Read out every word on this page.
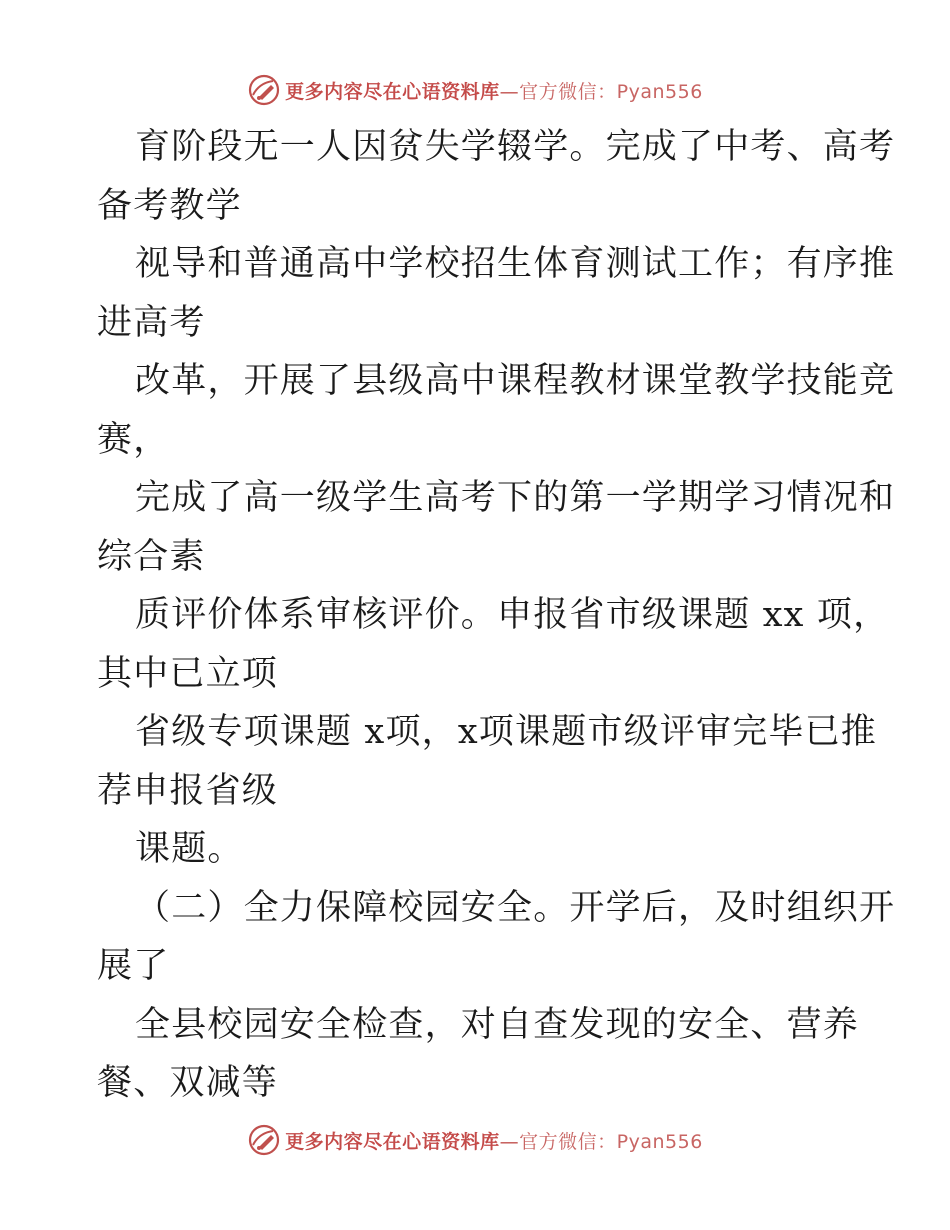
更多内容尽在心语资料库—官方微信：Pyan556
育阶段无一人因贫失学辍学。完成了中考、高考
备考教学
视导和普通高中学校招生体育测试工作；有序推
进高考
改革，开展了县级高中课程教材课堂教学技能竞
赛，
完成了高一级学生高考下的第一学期学习情况和
综合素
质评价体系审核评价。申报省市级课题 xx 项，
其中已立项
省级专项课题 x项，x项课题市级评审完毕已推
荐申报省级
课题。
（二）全力保障校园安全。开学后，及时组织开
展了
全县校园安全检查，对自查发现的安全、营养
餐、双减等
更多内容尽在心语资料库—官方微信：Pyan556
